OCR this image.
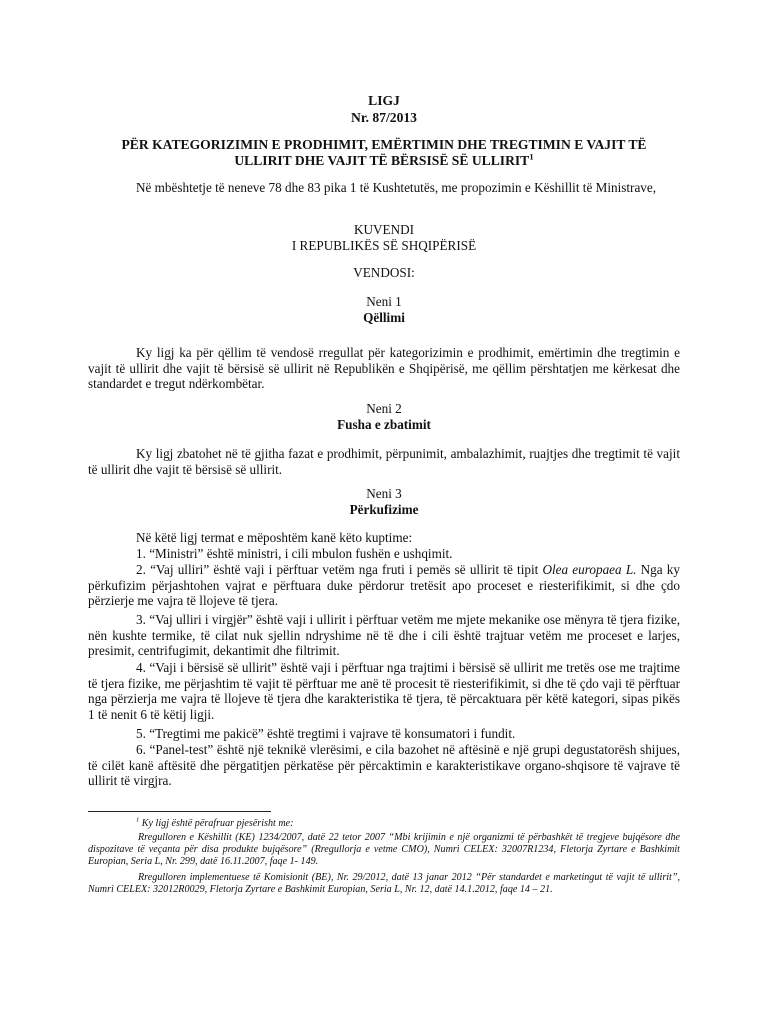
LIGJ
Nr. 87/2013
PËR KATEGORIZIMIN E PRODHIMIT, EMËRTIMIN DHE TREGTIMIN E VAJIT TË
ULLIRIT DHE VAJIT TË BËRSISË SË ULLIRIT$^1$
Në mbështetje të neneve 78 dhe 83 pika 1 të Kushtetutës, me propozimin e Këshillit të Ministrave,
KUVENDI
I REPUBLIKËS SË SHQIPËRISË
VENDOSI:
Neni 1
Qëllimi
Ky ligj ka për qëllim të vendosë rregullat për kategorizimin e prodhimit, emërtimin dhe tregtimin e vajit të ullirit dhe vajit të bërsisë së ullirit në Republikën e Shqipërisë, me qëllim përshtatjen me kërkesat dhe standardet e tregut ndërkombëtar.
Neni 2
Fusha e zbatimit
Ky ligj zbatohet në të gjitha fazat e prodhimit, përpunimit, ambalazhimit, ruajtjes dhe tregtimit të vajit të ullirit dhe vajit të bërsisë së ullirit.
Neni 3
Përkufizime
Në këtë ligj termat e mëposhtëm kanë këto kuptime:
1. “Ministri” është ministri, i cili mbulon fushën e ushqimit.
2. “Vaj ulliri” është vaji i përftuar vetëm nga fruti i pemës së ullirit të tipit Olea europaea L. Nga ky përkufizim përjashtohen vajrat e përftuara duke përdorur tretësit apo proceset e riesterifikimit, si dhe çdo përzierje me vajra të llojeve të tjera.
3. “Vaj ulliri i virgjër” është vaji i ullirit i përftuar vetëm me mjete mekanike ose mënyra të tjera fizike, nën kushte termike, të cilat nuk sjellin ndryshime në të dhe i cili është trajtuar vetëm me proceset e larjes, presimit, centrifugimit, dekantimit dhe filtrimit.
4. “Vaji i bërsisë së ullirit” është vaji i përftuar nga trajtimi i bërsisë së ullirit me tretës ose me trajtime të tjera fizike, me përjashtim të vajit të përftuar me anë të procesit të riesterifikimit, si dhe të çdo vaji të përftuar nga përzierja me vajra të llojeve të tjera dhe karakteristika të tjera, të përcaktuara për këtë kategori, sipas pikës 1 të nenit 6 të këtij ligji.
5. “Tregtimi me pakicë” është tregtimi i vajrave të konsumatori i fundit.
6. “Panel-test” është një teknikë vlerësimi, e cila bazohet në aftësinë e një grupi degustatorësh shijues, të cilët kanë aftësitë dhe përgatitjen përkatëse për përcaktimin e karakteristikave organo-shqisore të vajrave të ullirit të virgjra.
$^1$ Ky ligj është përafruar pjesërisht me:
Rregulloren e Këshillit (KE) 1234/2007, datë 22 tetor 2007 “Mbi krijimin e një organizmi të përbashkët të tregjeve bujqësore dhe dispozitave të veçanta për disa produkte bujqësore” (Rregullorja e vetme CMO), Numri CELEX: 32007R1234, Fletorja Zyrtare e Bashkimit Europian, Seria L, Nr. 299, datë 16.11.2007, faqe 1- 149.
Rregulloren implementuese të Komisionit (BE), Nr. 29/2012, datë 13 janar 2012 “Për standardet e marketingut të vajit të ullirit”, Numri CELEX: 32012R0029, Fletorja Zyrtare e Bashkimit Europian, Seria L, Nr. 12, datë 14.1.2012, faqe 14 – 21.
